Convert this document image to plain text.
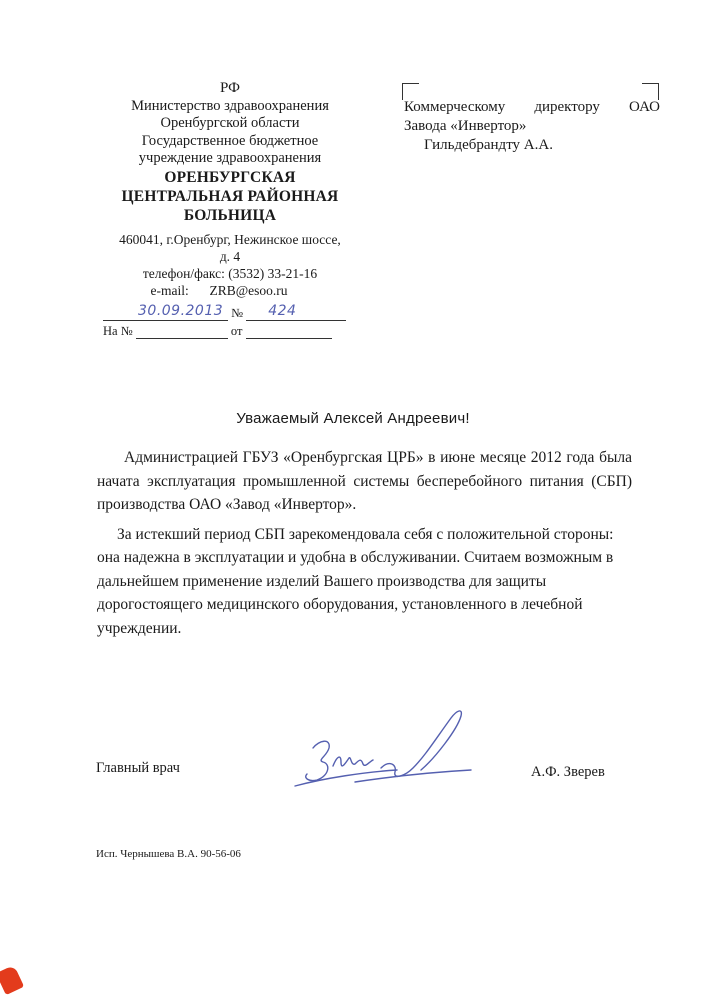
РФ
Министерство здравоохранения
Оренбургской области
Государственное бюджетное
учреждение здравоохранения
ОРЕНБУРГСКАЯ
ЦЕНТРАЛЬНАЯ РАЙОННАЯ
БОЛЬНИЦА
460041, г.Оренбург, Нежинское шоссе,
д. 4
телефон/факс: (3532) 33-21-16
e-mail: ZRB@esoo.ru
30.09.2013 № 424
На №	от
Коммерческому директору ОАО
Завода «Инвертор»
Гильдебрандту А.А.
Уважаемый Алексей Андреевич!

Администрацией ГБУЗ «Оренбургская ЦРБ» в июне месяце 2012 года была начата эксплуатация промышленной системы бесперебойного питания (СБП) производства ОАО «Завод «Инвертор».

За истекший период СБП зарекомендовала себя с положительной стороны: она надежна в эксплуатации и удобна в обслуживании. Считаем возможным в дальнейшем применение изделий Вашего производства для защиты дорогостоящего медицинского оборудования, установленного в лечебной учреждении.

Главный врач	А.Ф. Зверев
Исп. Чернышева В.А. 90-56-06
